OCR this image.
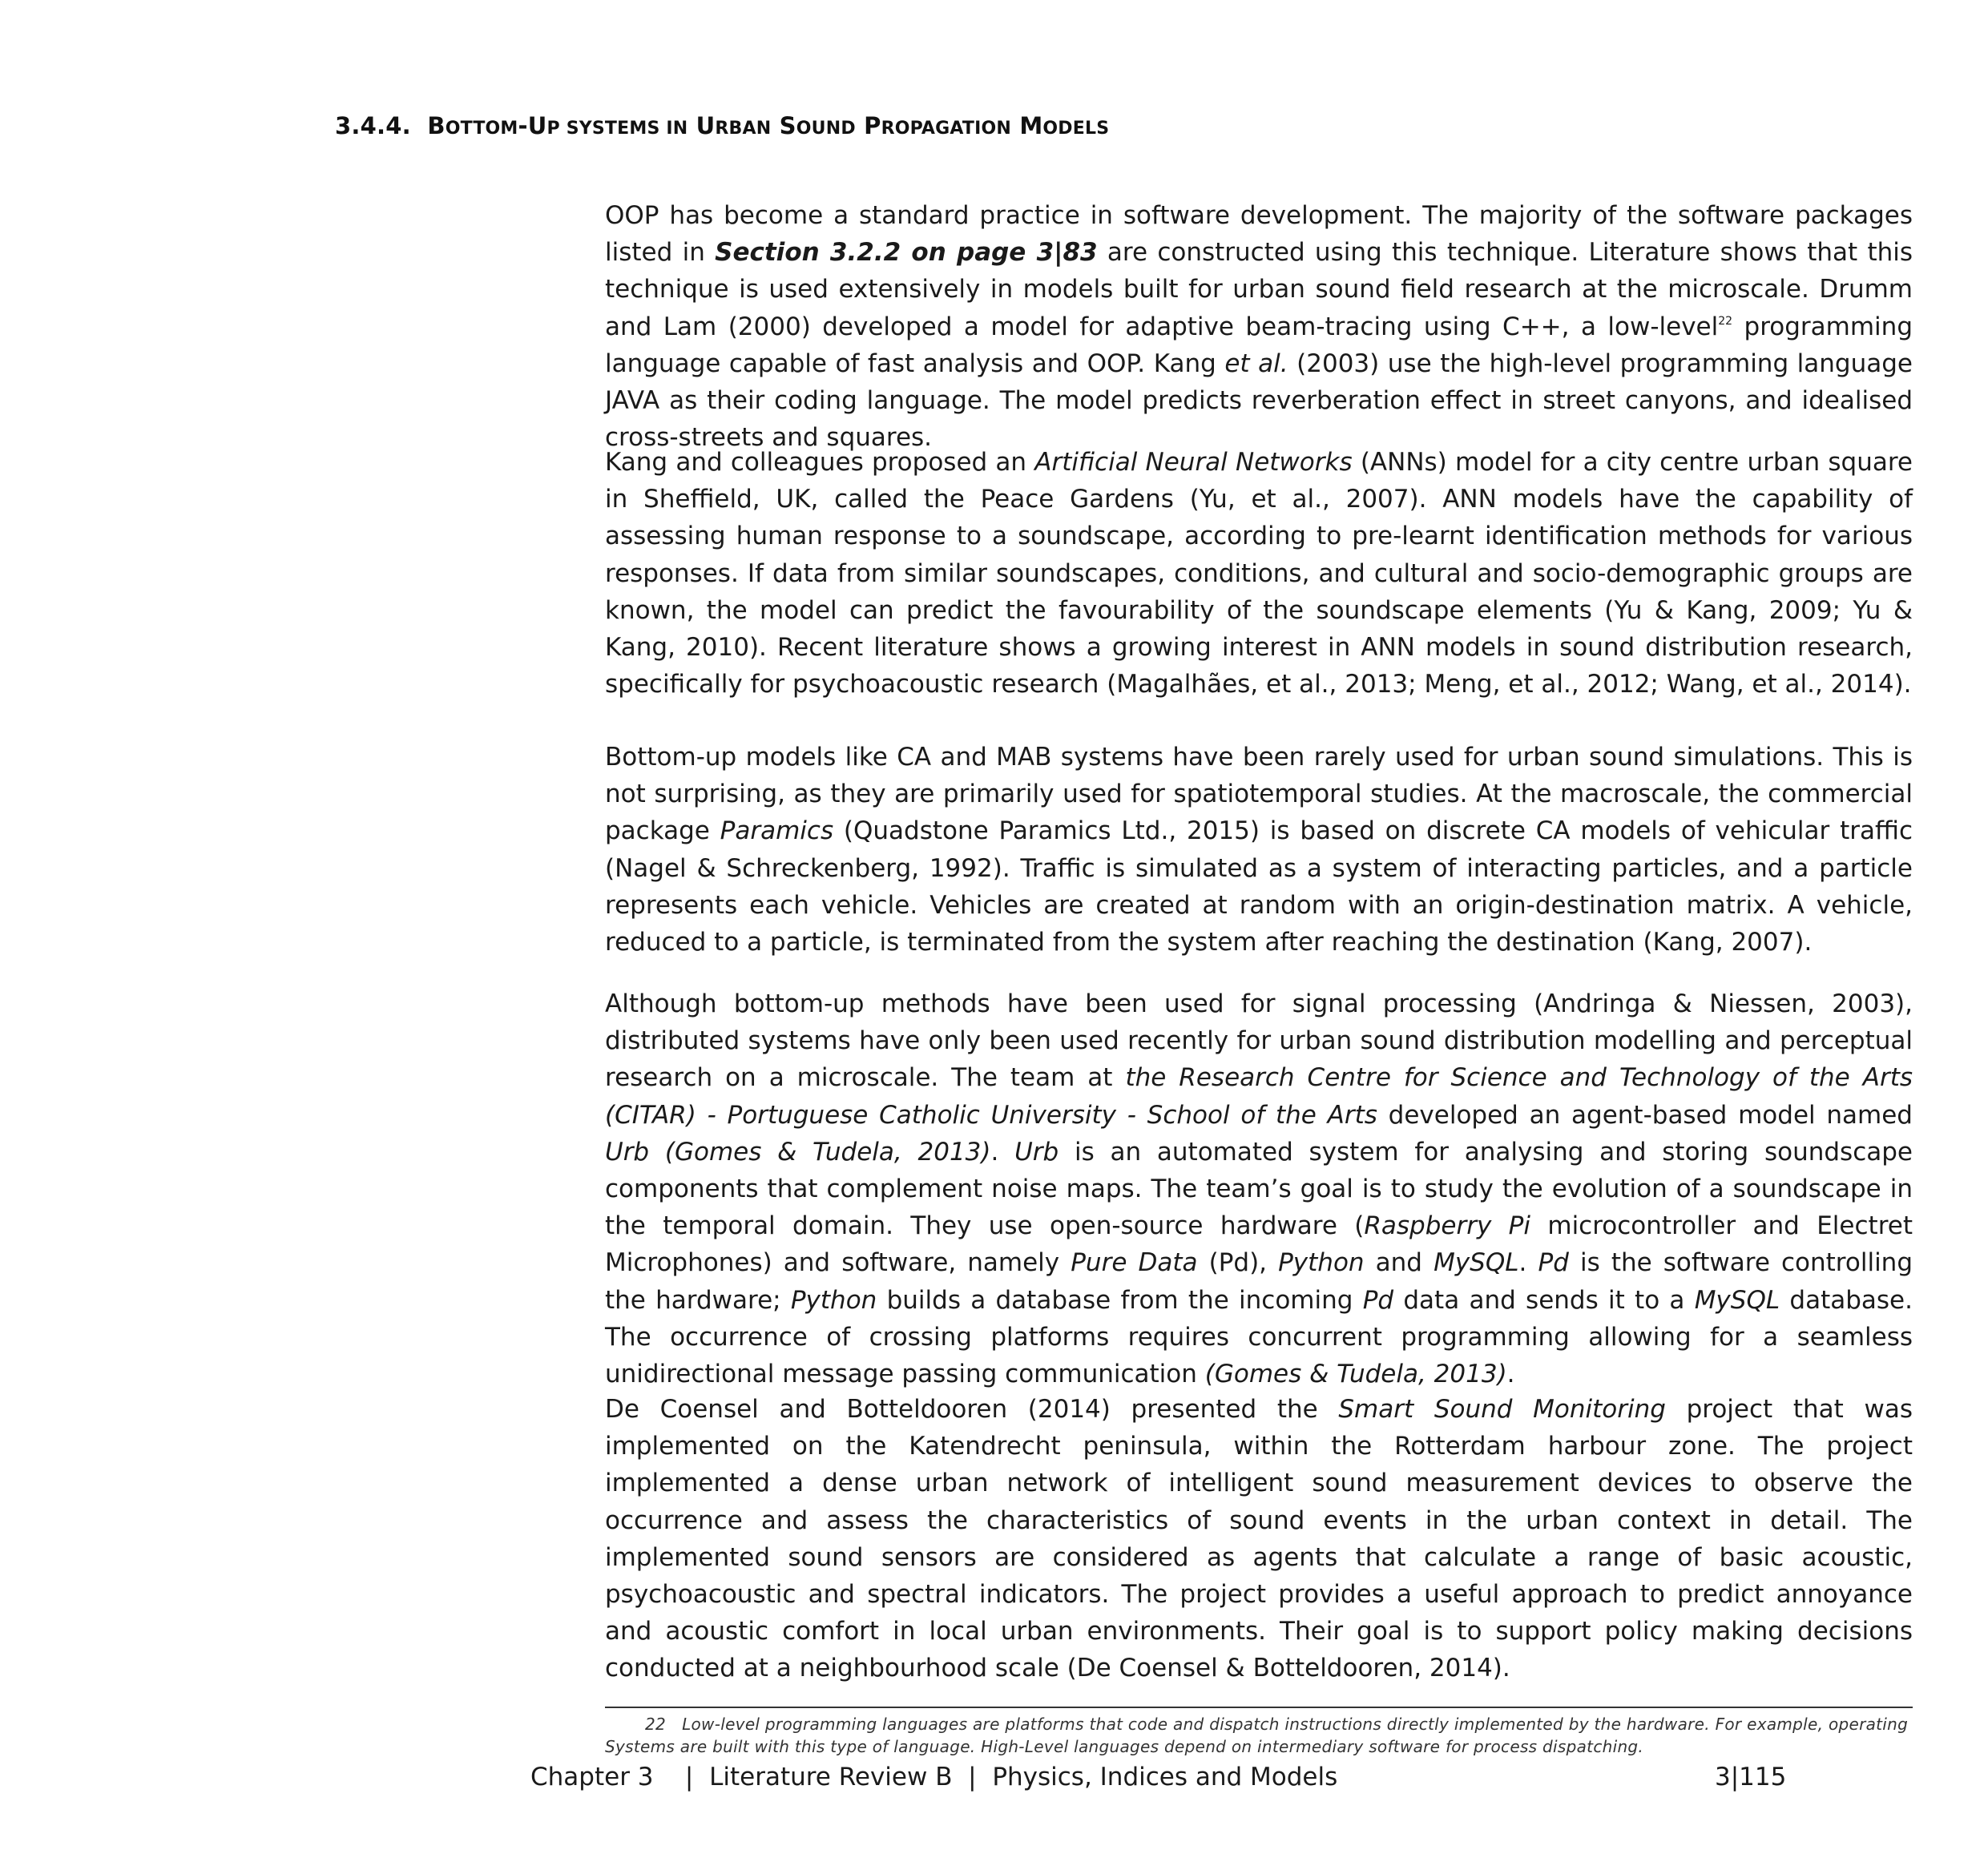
3.4.4. BOTTOM-UP SYSTEMS IN URBAN SOUND PROPAGATION MODELS
OOP has become a standard practice in software development. The majority of the software packages listed in Section 3.2.2 on page 3|83 are constructed using this technique. Literature shows that this technique is used extensively in models built for urban sound field research at the microscale. Drumm and Lam (2000) developed a model for adaptive beam-tracing using C++, a low-level$^{22}$ programming language capable of fast analysis and OOP. Kang et al. (2003) use the high-level programming language JAVA as their coding language. The model predicts reverberation effect in street canyons, and idealised cross-streets and squares.
Kang and colleagues proposed an Artificial Neural Networks (ANNs) model for a city centre urban square in Sheffield, UK, called the Peace Gardens (Yu, et al., 2007). ANN models have the capability of assessing human response to a soundscape, according to pre-learnt identification methods for various responses. If data from similar soundscapes, conditions, and cultural and socio-demographic groups are known, the model can predict the favourability of the soundscape elements (Yu & Kang, 2009; Yu & Kang, 2010). Recent literature shows a growing interest in ANN models in sound distribution research, specifically for psychoacoustic research (Magalhães, et al., 2013; Meng, et al., 2012; Wang, et al., 2014).
Bottom-up models like CA and MAB systems have been rarely used for urban sound simulations. This is not surprising, as they are primarily used for spatiotemporal studies. At the macroscale, the commercial package Paramics (Quadstone Paramics Ltd., 2015) is based on discrete CA models of vehicular traffic (Nagel & Schreckenberg, 1992). Traffic is simulated as a system of interacting particles, and a particle represents each vehicle. Vehicles are created at random with an origin-destination matrix. A vehicle, reduced to a particle, is terminated from the system after reaching the destination (Kang, 2007).
Although bottom-up methods have been used for signal processing (Andringa & Niessen, 2003), distributed systems have only been used recently for urban sound distribution modelling and perceptual research on a microscale. The team at the Research Centre for Science and Technology of the Arts (CITAR) - Portuguese Catholic University - School of the Arts developed an agent-based model named Urb (Gomes & Tudela, 2013). Urb is an automated system for analysing and storing soundscape components that complement noise maps. The team’s goal is to study the evolution of a soundscape in the temporal domain. They use open-source hardware (Raspberry Pi microcontroller and Electret Microphones) and software, namely Pure Data (Pd), Python and MySQL. Pd is the software controlling the hardware; Python builds a database from the incoming Pd data and sends it to a MySQL database. The occurrence of crossing platforms requires concurrent programming allowing for a seamless unidirectional message passing communication (Gomes & Tudela, 2013).
De Coensel and Botteldooren (2014) presented the Smart Sound Monitoring project that was implemented on the Katendrecht peninsula, within the Rotterdam harbour zone. The project implemented a dense urban network of intelligent sound measurement devices to observe the occurrence and assess the characteristics of sound events in the urban context in detail. The implemented sound sensors are considered as agents that calculate a range of basic acoustic, psychoacoustic and spectral indicators. The project provides a useful approach to predict annoyance and acoustic comfort in local urban environments. Their goal is to support policy making decisions conducted at a neighbourhood scale (De Coensel & Botteldooren, 2014).
22 Low-level programming languages are platforms that code and dispatch instructions directly implemented by the hardware. For example, operating Systems are built with this type of language. High-Level languages depend on intermediary software for process dispatching.
Chapter 3    |  Literature Review B  |  Physics, Indices and Models	3|115
